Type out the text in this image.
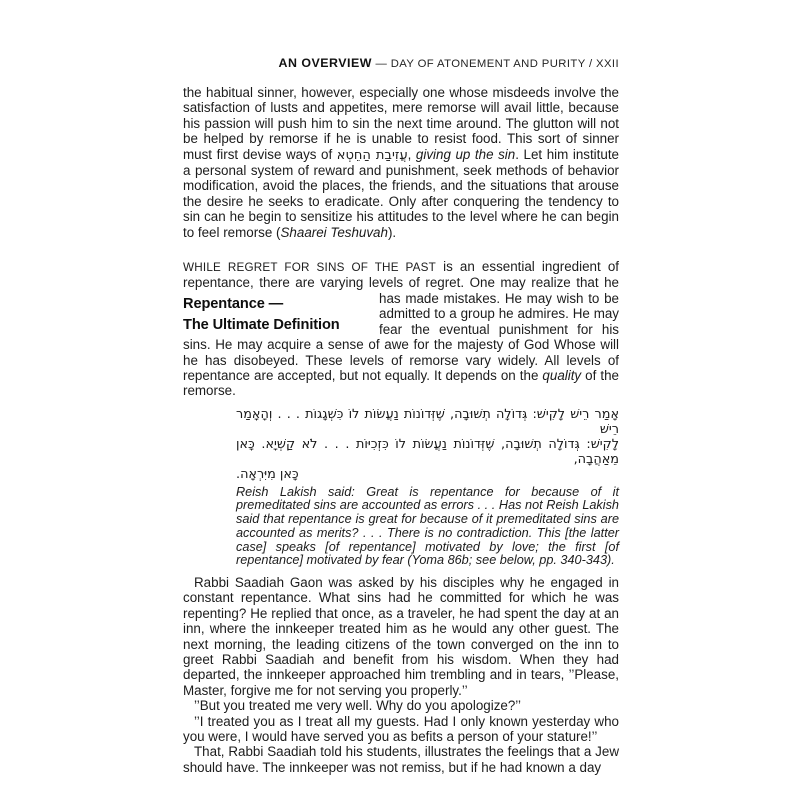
AN OVERVIEW — DAY OF ATONEMENT AND PURITY / XXII

the habitual sinner, however, especially one whose misdeeds involve the satisfaction of lusts and appetites, mere remorse will avail little, because his passion will push him to sin the next time around. The glutton will not be helped by remorse if he is unable to resist food. This sort of sinner must first devise ways of עֲזִיבַת הַחֵטְא, giving up the sin. Let him institute a personal system of reward and punishment, seek methods of behavior modification, avoid the places, the friends, and the situations that arouse the desire he seeks to eradicate. Only after conquering the tendency to sin can he begin to sensitize his attitudes to the level where he can begin to feel remorse (Shaarei Teshuvah).

WHILE REGRET FOR SINS OF THE PAST is an essential ingredient of repentance, there are varying levels of regret. One may realize that he has made
Repentance —
The Ultimate Definition
mistakes. He may wish to be admitted to a group he admires. He may fear the eventual punishment for his sins. He may acquire a sense of awe for the majesty of God Whose will he has disobeyed. These levels of remorse vary widely. All levels of repentance are accepted, but not equally. It depends on the quality of the remorse.
אָמַר רֵישׁ לָקִישׁ: גְּדוֹלָה תְשׁוּבָה, שֶׁזְּדוֹנוֹת נַעֲשׂוֹת לוֹ כִּשְׁגָגוֹת . . . וְהָאָמַר רֵישׁ
לָקִישׁ: גְּדוֹלָה תְשׁוּבָה, שֶׁזְּדוֹנוֹת נַעֲשׂוֹת לוֹ כִּזְכִיּוֹת . . . לֹא קַשְׁיָא. כָּאן מֵאַהֲבָה,
כָּאן מִיִּרְאָה.
Reish Lakish said: Great is repentance for because of it premeditated sins are accounted as errors . . . Has not Reish Lakish said that repentance is great for because of it premeditated sins are accounted as merits? . . . There is no contradiction. This [the latter case] speaks [of repentance] motivated by love; the first [of repentance] motivated by fear (Yoma 86b; see below, pp. 340-343).

Rabbi Saadiah Gaon was asked by his disciples why he engaged in constant repentance. What sins had he committed for which he was repenting? He replied that once, as a traveler, he had spent the day at an inn, where the innkeeper treated him as he would any other guest. The next morning, the leading citizens of the town converged on the inn to greet Rabbi Saadiah and benefit from his wisdom. When they had departed, the innkeeper approached him trembling and in tears, ’’Please, Master, forgive me for not serving you properly.’’

’’But you treated me very well. Why do you apologize?’’

’’I treated you as I treat all my guests. Had I only known yesterday who you were, I would have served you as befits a person of your stature!’’

That, Rabbi Saadiah told his students, illustrates the feelings that a Jew should have. The innkeeper was not remiss, but if he had known a day
